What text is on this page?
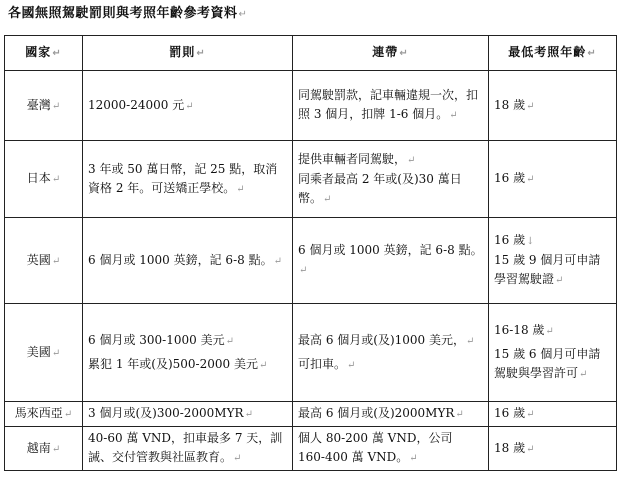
各國無照駕駛罰則與考照年齡參考資料↵
國家↵	罰則↵	連帶↵	最低考照年齡↵
臺灣↵	12000-24000 元↵	同駕駛罰款，記車輛違規一次，扣照 3 個月，扣牌 1-6 個月。↵	18 歲↵

日本↵	3 年或 50 萬日幣，記 25 點，取消資格 2 年。可送矯正學校。↵	提供車輛者同駕駛，↵
同乘者最高 2 年或(及)30 萬日幣。↵	16 歲↵

英國↵	6 個月或 1000 英鎊，記 6-8 點。↵	6 個月或 1000 英鎊，記 6-8 點。↵	16 歲↓
15 歲 9 個月可申請學習駕駛證↵

美國↵	6 個月或 300-1000 美元↵
累犯 1 年或(及)500-2000 美元↵	最高 6 個月或(及)1000 美元，↵
可扣車。↵	16-18 歲↵
15 歲 6 個月可申請駕駛與學習許可↵

馬來西亞↵	3 個月或(及)300-2000MYR↵	最高 6 個月或(及)2000MYR↵	16 歲↵

越南↵	40-60 萬 VND，扣車最多 7 天，訓誡、交付管教與社區教育。↵	個人 80-200 萬 VND，公司 160-400 萬 VND。↵	18 歲↵
